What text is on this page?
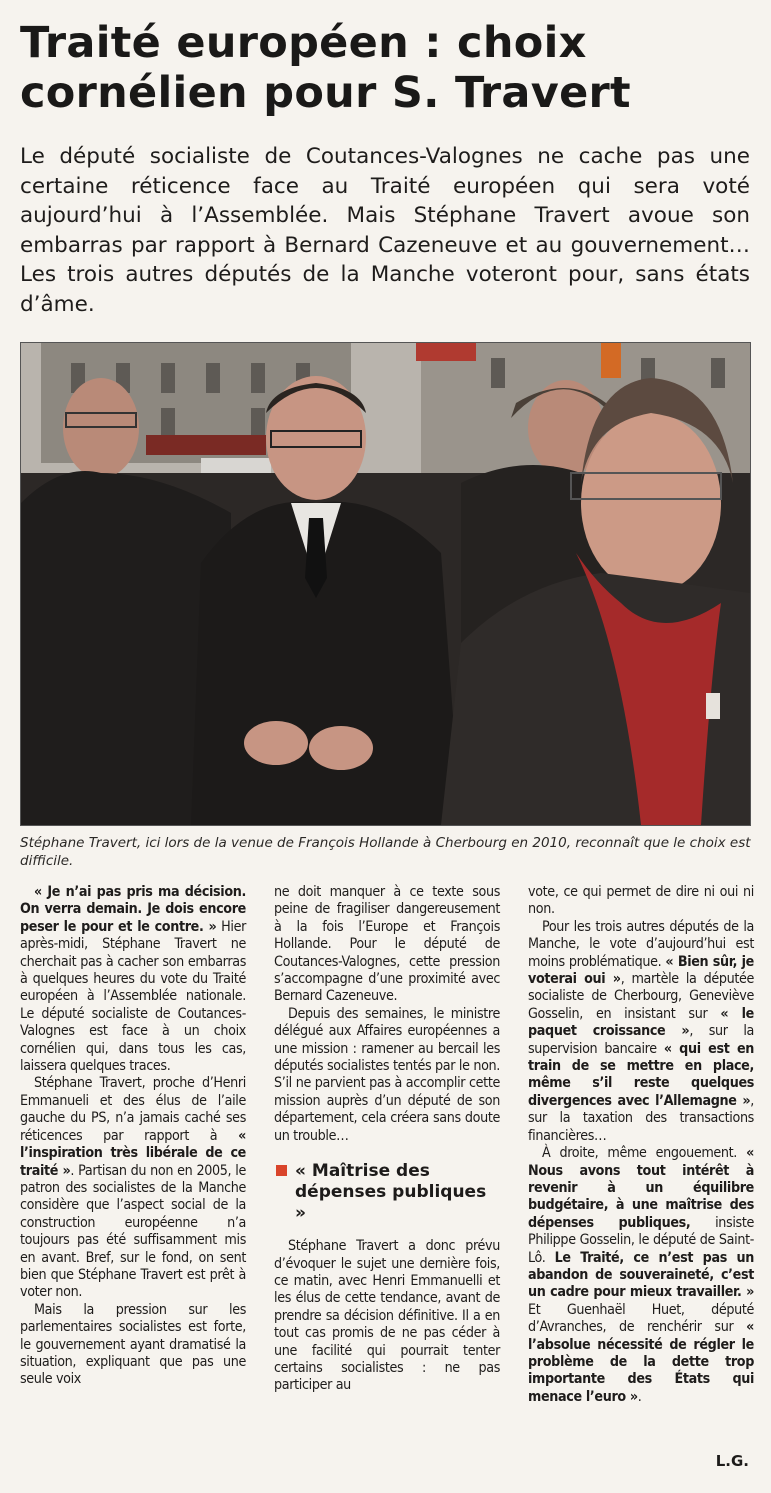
Traité européen : choix cornélien pour S. Travert

Le député socialiste de Coutances-Valognes ne cache pas une certaine réticence face au Traité européen qui sera voté aujourd’hui à l’Assemblée. Mais Stéphane Travert avoue son embarras par rapport à Bernard Cazeneuve et au gouvernement… Les trois autres députés de la Manche voteront pour, sans états d’âme.

Stéphane Travert, ici lors de la venue de François Hollande à Cherbourg en 2010, reconnaît que le choix est difficile.

« Je n’ai pas pris ma décision. On verra demain. Je dois encore peser le pour et le contre. » Hier après-midi, Stéphane Travert ne cherchait pas à cacher son embarras à quelques heures du vote du Traité européen à l’Assemblée nationale. Le député socialiste de Coutances-Valognes est face à un choix cornélien qui, dans tous les cas, laissera quelques traces.

Stéphane Travert, proche d’Henri Emmanueli et des élus de l’aile gauche du PS, n’a jamais caché ses réticences par rapport à « l’inspiration très libérale de ce traité ». Partisan du non en 2005, le patron des socialistes de la Manche considère que l’aspect social de la construction européenne n’a toujours pas été suffisamment mis en avant. Bref, sur le fond, on sent bien que Stéphane Travert est prêt à voter non.

Mais la pression sur les parlementaires socialistes est forte, le gouvernement ayant dramatisé la situation, expliquant que pas une seule voix

ne doit manquer à ce texte sous peine de fragiliser dangereusement à la fois l’Europe et François Hollande. Pour le député de Coutances-Valognes, cette pression s’accompagne d’une proximité avec Bernard Cazeneuve.

Depuis des semaines, le ministre délégué aux Affaires européennes a une mission : ramener au bercail les députés socialistes tentés par le non. S’il ne parvient pas à accomplir cette mission auprès d’un député de son département, cela créera sans doute un trouble…

« Maîtrise des dépenses publiques »

Stéphane Travert a donc prévu d’évoquer le sujet une dernière fois, ce matin, avec Henri Emmanuelli et les élus de cette tendance, avant de prendre sa décision définitive. Il a en tout cas promis de ne pas céder à une facilité qui pourrait tenter certains socialistes : ne pas participer au

vote, ce qui permet de dire ni oui ni non.

Pour les trois autres députés de la Manche, le vote d’aujourd’hui est moins problématique. « Bien sûr, je voterai oui », martèle la députée socialiste de Cherbourg, Geneviève Gosselin, en insistant sur « le paquet croissance », sur la supervision bancaire « qui est en train de se mettre en place, même s’il reste quelques divergences avec l’Allemagne », sur la taxation des transactions financières…

À droite, même engouement. « Nous avons tout intérêt à revenir à un équilibre budgétaire, à une maîtrise des dépenses publiques, insiste Philippe Gosselin, le député de Saint-Lô. Le Traité, ce n’est pas un abandon de souveraineté, c’est un cadre pour mieux travailler. » Et Guenhaël Huet, député d’Avranches, de renchérir sur « l’absolue nécessité de régler le problème de la dette trop importante des États qui menace l’euro ».

L.G.
